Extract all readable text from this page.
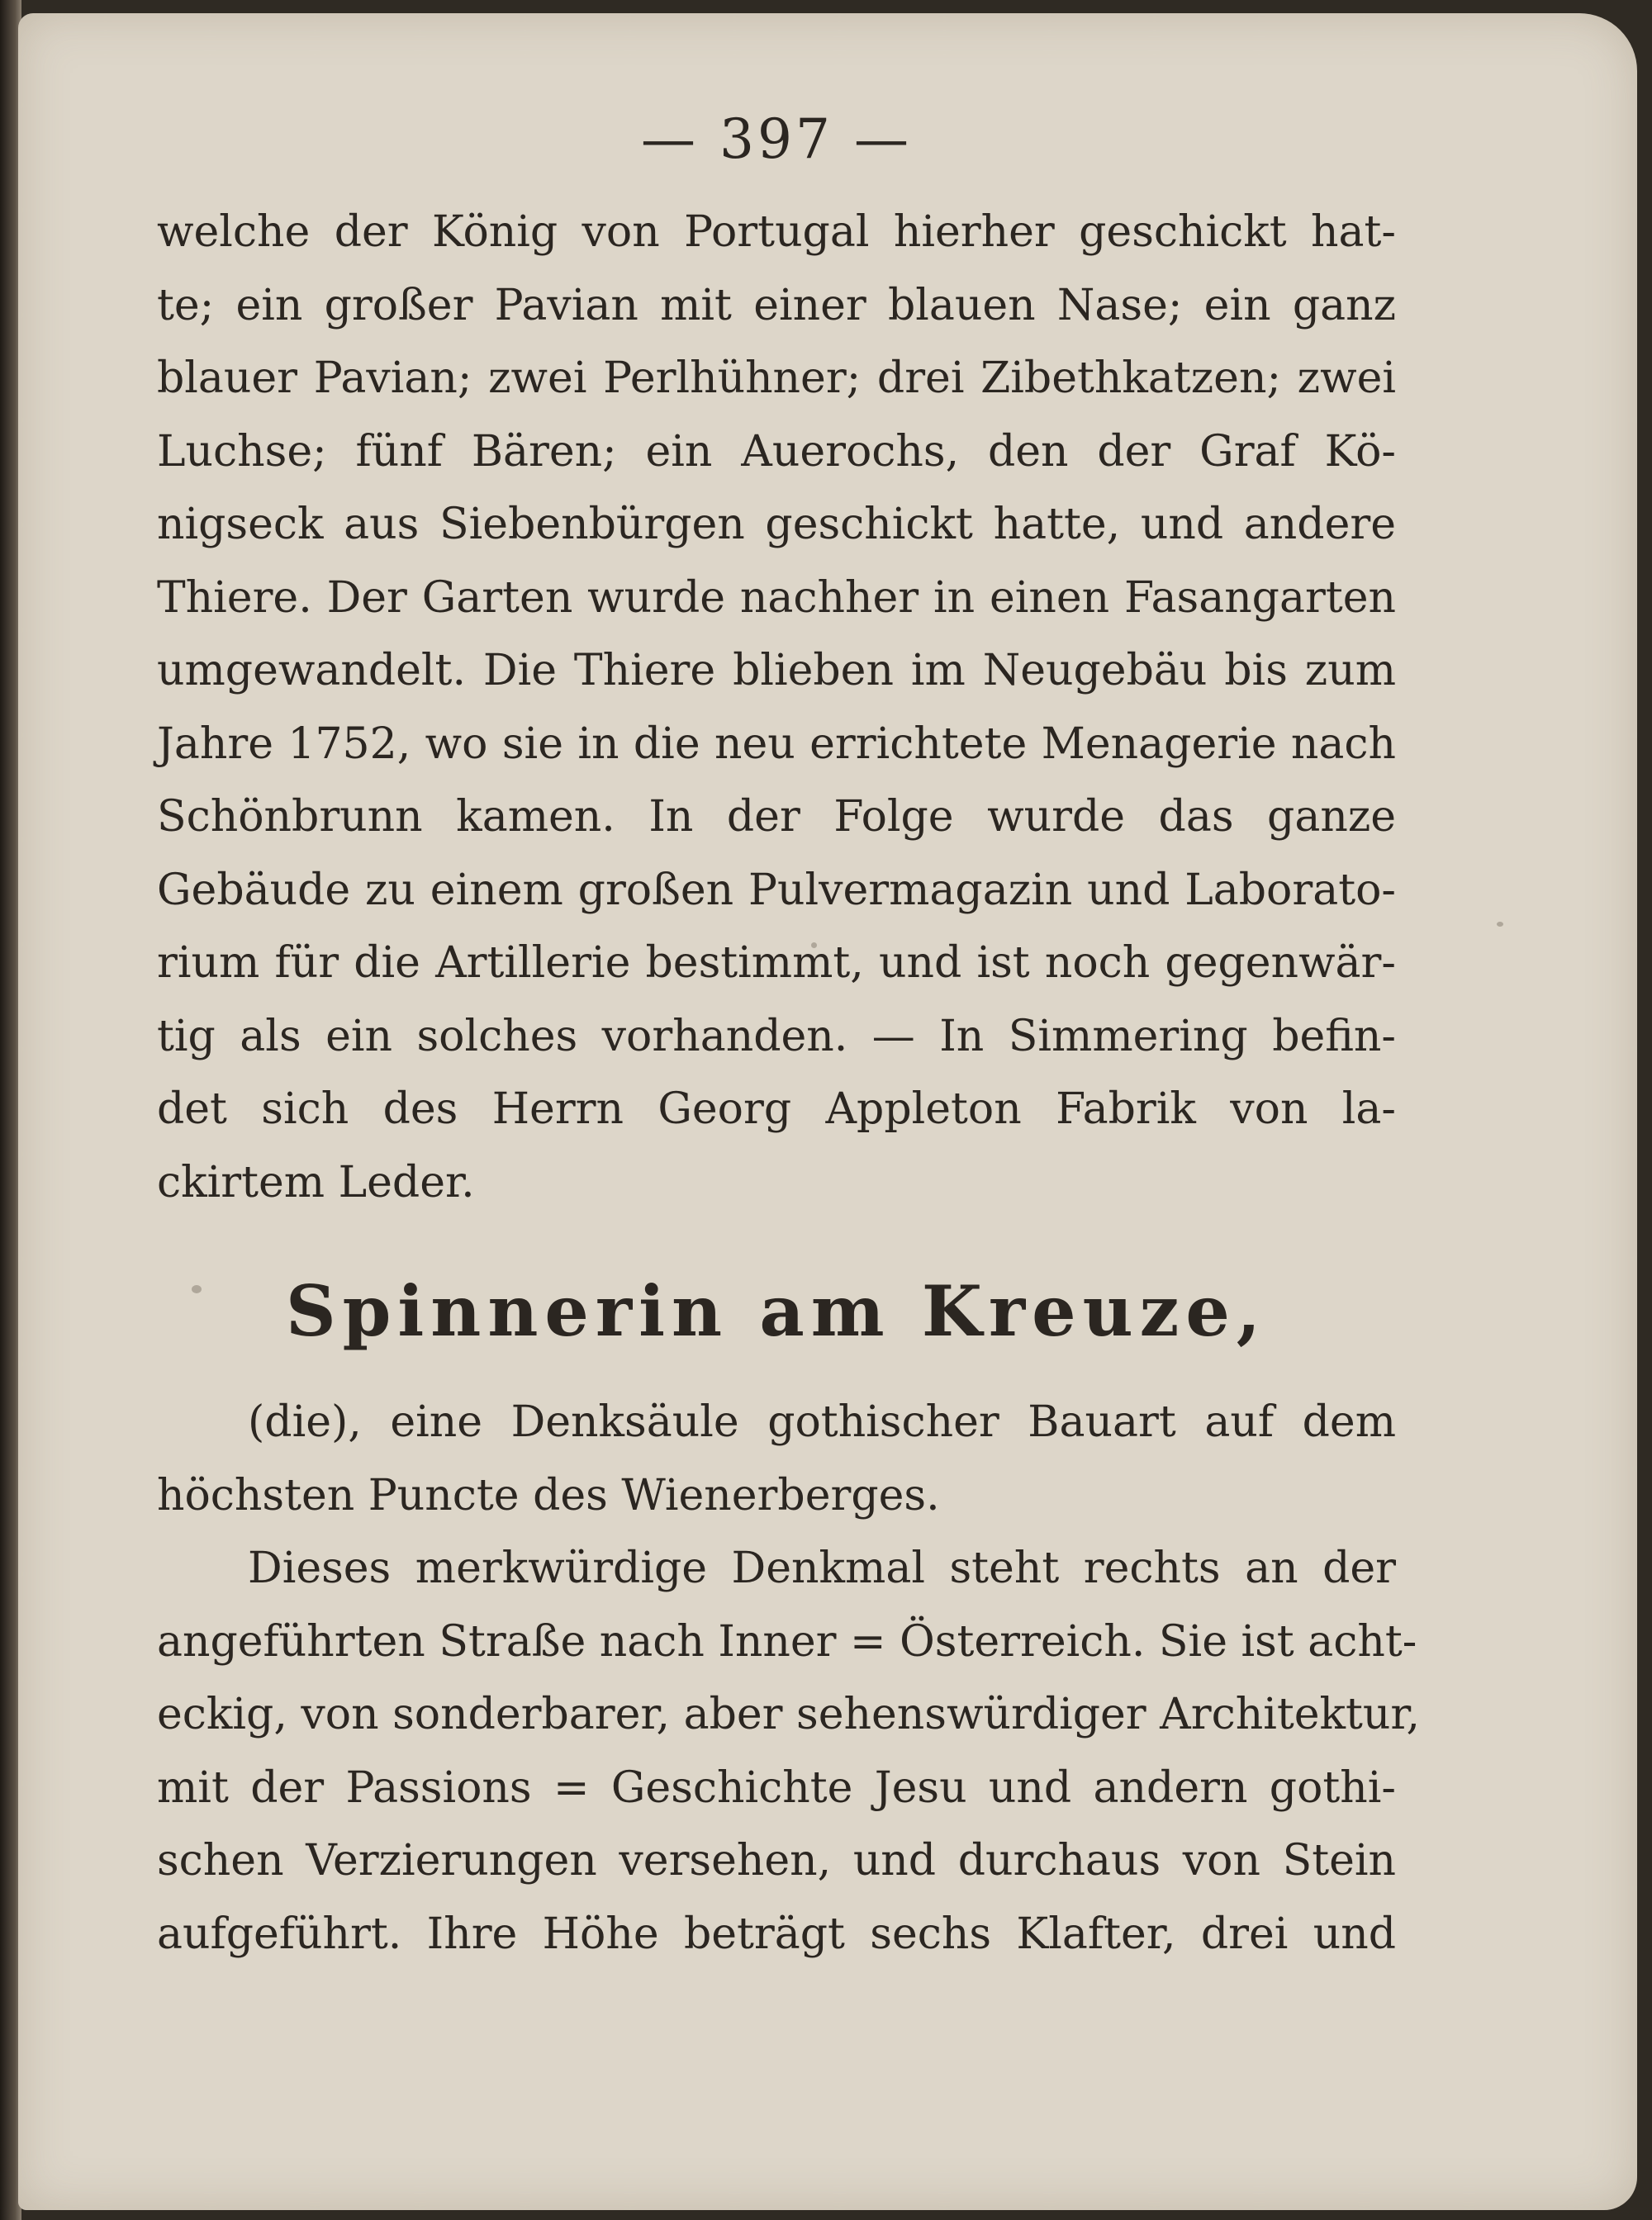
— 397 —
welche der König von Portugal hierher geschickt hat-
te; ein großer Pavian mit einer blauen Nase; ein ganz
blauer Pavian; zwei Perlhühner; drei Zibethkatzen; zwei
Luchse; fünf Bären; ein Auerochs, den der Graf Kö-
nigseck aus Siebenbürgen geschickt hatte, und andere
Thiere. Der Garten wurde nachher in einen Fasangarten
umgewandelt. Die Thiere blieben im Neugebäu bis zum
Jahre 1752, wo sie in die neu errichtete Menagerie nach
Schönbrunn kamen. In der Folge wurde das ganze
Gebäude zu einem großen Pulvermagazin und Laborato-
rium für die Artillerie bestimmt, und ist noch gegenwär-
tig als ein solches vorhanden. — In Simmering befin-
det sich des Herrn Georg Appleton Fabrik von la-
ckirtem Leder.
Spinnerin am Kreuze,
(die), eine Denksäule gothischer Bauart auf dem
höchsten Puncte des Wienerberges.
Dieses merkwürdige Denkmal steht rechts an der
angeführten Straße nach Inner = Österreich. Sie ist acht-
eckig, von sonderbarer, aber sehenswürdiger Architektur,
mit der Passions = Geschichte Jesu und andern gothi-
schen Verzierungen versehen, und durchaus von Stein
aufgeführt. Ihre Höhe beträgt sechs Klafter, drei und
